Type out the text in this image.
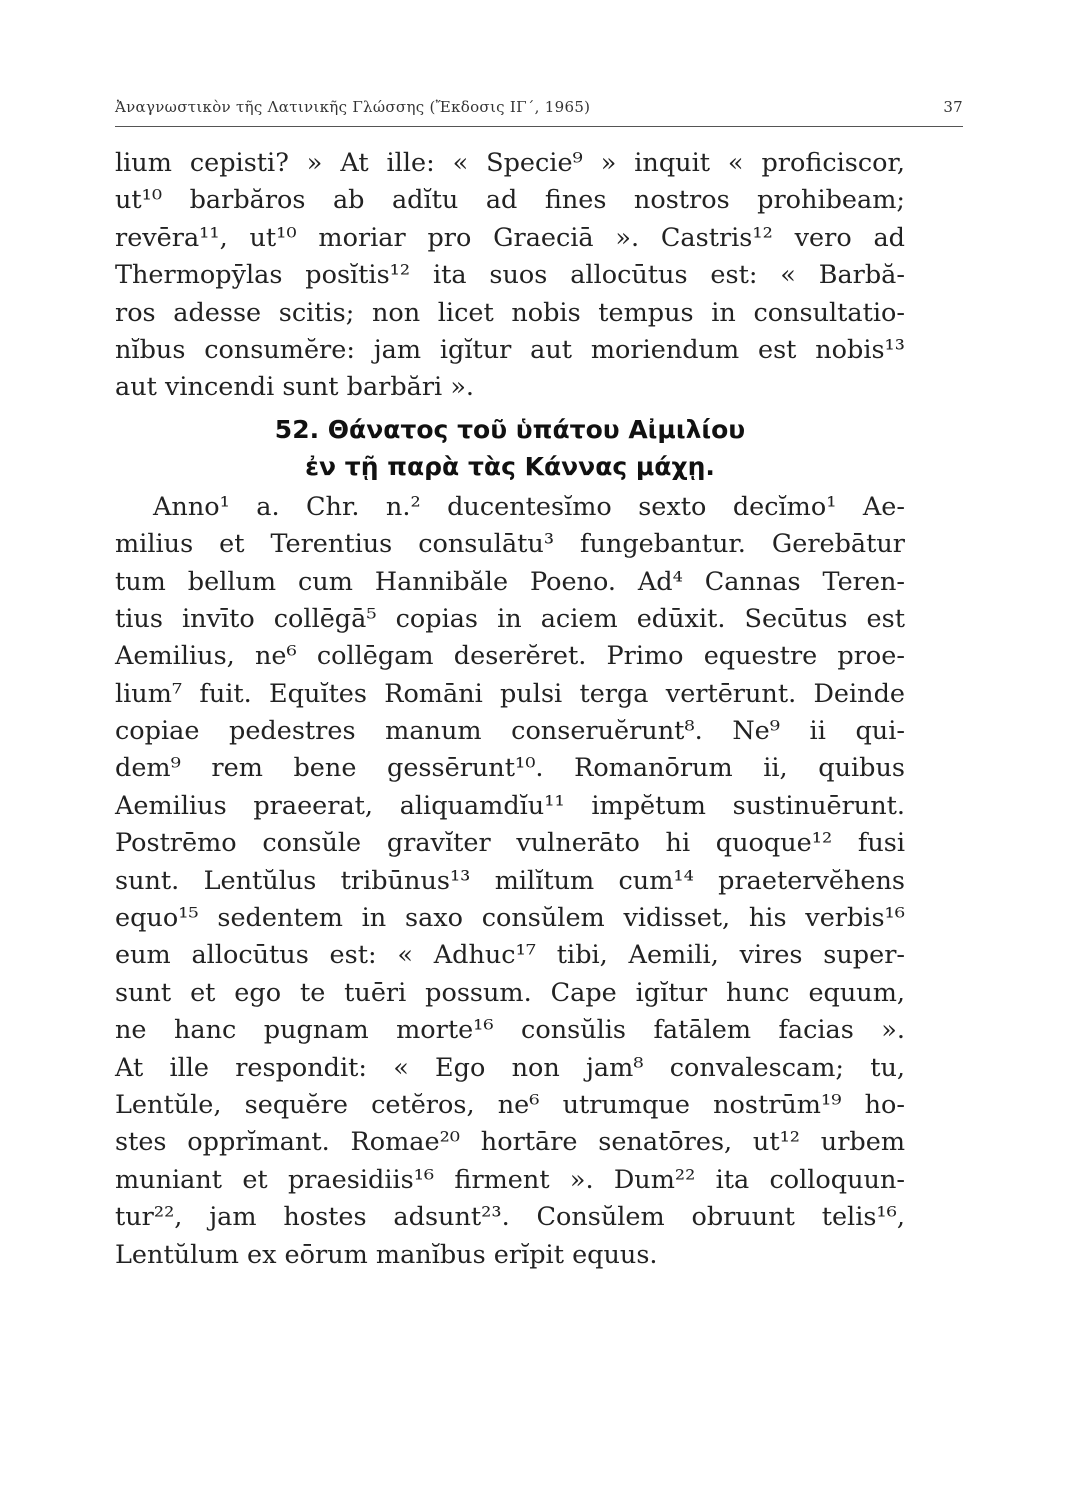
Ἀναγνωστικὸν τῆς Λατινικῆς Γλώσσης (Ἔκδοσις ΙΓ΄, 1965)	37
lium cepisti? » At ille: « Specie⁹ » inquit « proficiscor,
ut¹⁰ barbăros ab adĭtu ad fines nostros prohibeam;
revēra¹¹, ut¹⁰ moriar pro Graeciā ». Castris¹² vero ad
Thermopȳlas posĭtis¹² ita suos allocūtus est: « Barbă-
ros adesse scitis; non licet nobis tempus in consultatio-
nĭbus consumĕre: jam igĭtur aut moriendum est nobis¹³
aut vincendi sunt barbări ».
52. Θάνατος τοῦ ὑπάτου Αἰμιλίου
ἐν τῇ παρὰ τὰς Κάννας μάχῃ.
Anno¹ a. Chr. n.² ducentesĭmo sexto decĭmo¹ Ae-
milius et Terentius consulātu³ fungebantur. Gerebātur
tum bellum cum Hannibăle Poeno. Ad⁴ Cannas Teren-
tius invīto collēgā⁵ copias in aciem edūxit. Secūtus est
Aemilius, ne⁶ collēgam deserĕret. Primo equestre proe-
lium⁷ fuit. Equĭtes Romāni pulsi terga vertērunt. Deinde
copiae pedestres manum conseruĕrunt⁸. Ne⁹ ii qui-
dem⁹ rem bene gessērunt¹⁰. Romanōrum ii, quibus
Aemilius praeerat, aliquamdĭu¹¹ impĕtum sustinuērunt.
Postrēmo consŭle gravĭter vulnerāto hi quoque¹² fusi
sunt. Lentŭlus tribūnus¹³ milĭtum cum¹⁴ praetervĕhens
equo¹⁵ sedentem in saxo consŭlem vidisset, his verbis¹⁶
eum allocūtus est: « Adhuc¹⁷ tibi, Aemili, vires super-
sunt et ego te tuēri possum. Cape igĭtur hunc equum,
ne hanc pugnam morte¹⁶ consŭlis fatālem facias ».
At ille respondit: « Ego non jam⁸ convalescam; tu,
Lentŭle, sequĕre cetĕros, ne⁶ utrumque nostrūm¹⁹ ho-
stes opprĭmant. Romae²⁰ hortāre senatōres, ut¹² urbem
muniant et praesidiis¹⁶ firment ». Dum²² ita colloquun-
tur²², jam hostes adsunt²³. Consŭlem obruunt telis¹⁶,
Lentŭlum ex eōrum manĭbus erĭpit equus.
